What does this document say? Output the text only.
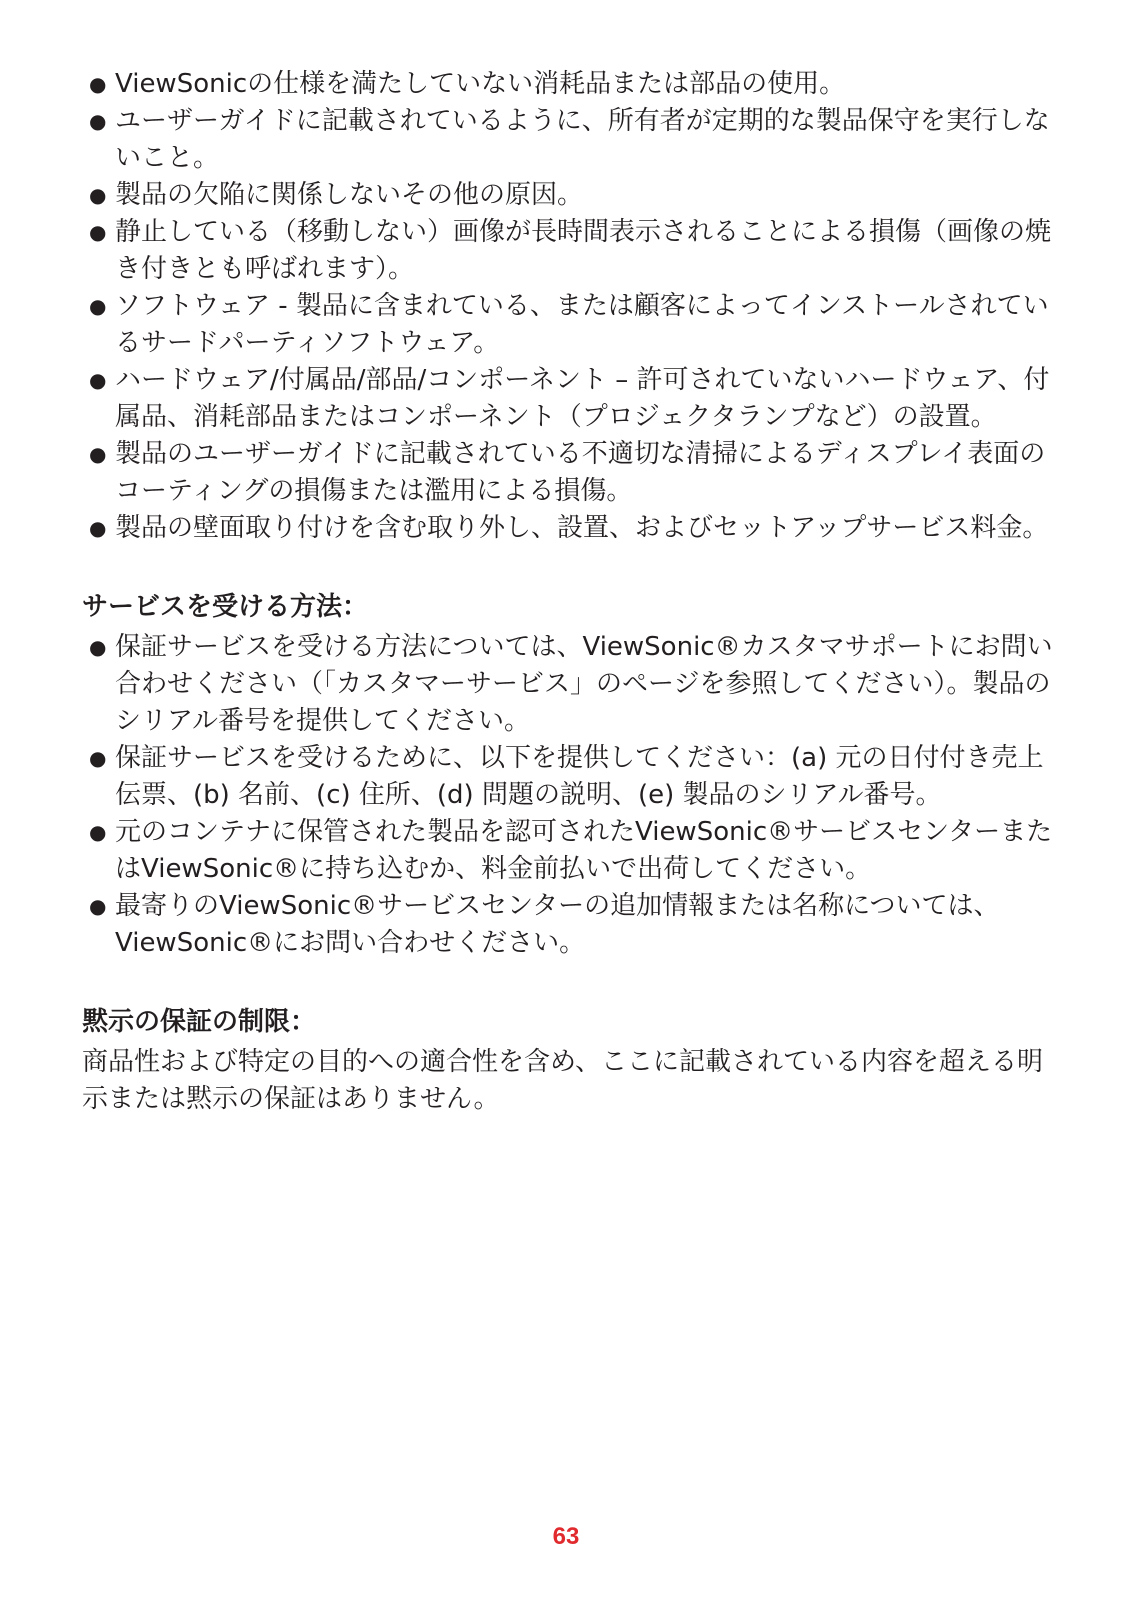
● ViewSonicの仕様を満たしていない消耗品または部品の使用。
● ユーザーガイドに記載されているように、所有者が定期的な製品保守を実行しないこと。
● 製品の欠陥に関係しないその他の原因。
● 静止している（移動しない）画像が長時間表示されることによる損傷（画像の焼き付きとも呼ばれます）。
● ソフトウェア - 製品に含まれている、または顧客によってインストールされているサードパーティソフトウェア。
● ハードウェア/付属品/部品/コンポーネント – 許可されていないハードウェア、付属品、消耗部品またはコンポーネント（プロジェクタランプなど）の設置。
● 製品のユーザーガイドに記載されている不適切な清掃によるディスプレイ表面のコーティングの損傷または濫用による損傷。
● 製品の壁面取り付けを含む取り外し、設置、およびセットアップサービス料金。
サービスを受ける方法：
● 保証サービスを受ける方法については、ViewSonic®カスタマサポートにお問い合わせください（「カスタマーサービス」のページを参照してください）。製品のシリアル番号を提供してください。
● 保証サービスを受けるために、以下を提供してください：(a) 元の日付付き売上伝票、(b) 名前、(c) 住所、(d) 問題の説明、(e) 製品のシリアル番号。
● 元のコンテナに保管された製品を認可されたViewSonic®サービスセンターまたはViewSonic®に持ち込むか、料金前払いで出荷してください。
● 最寄りのViewSonic®サービスセンターの追加情報または名称については、ViewSonic®にお問い合わせください。
黙示の保証の制限：

商品性および特定の目的への適合性を含め、ここに記載されている内容を超える明示または黙示の保証はありません。

63
